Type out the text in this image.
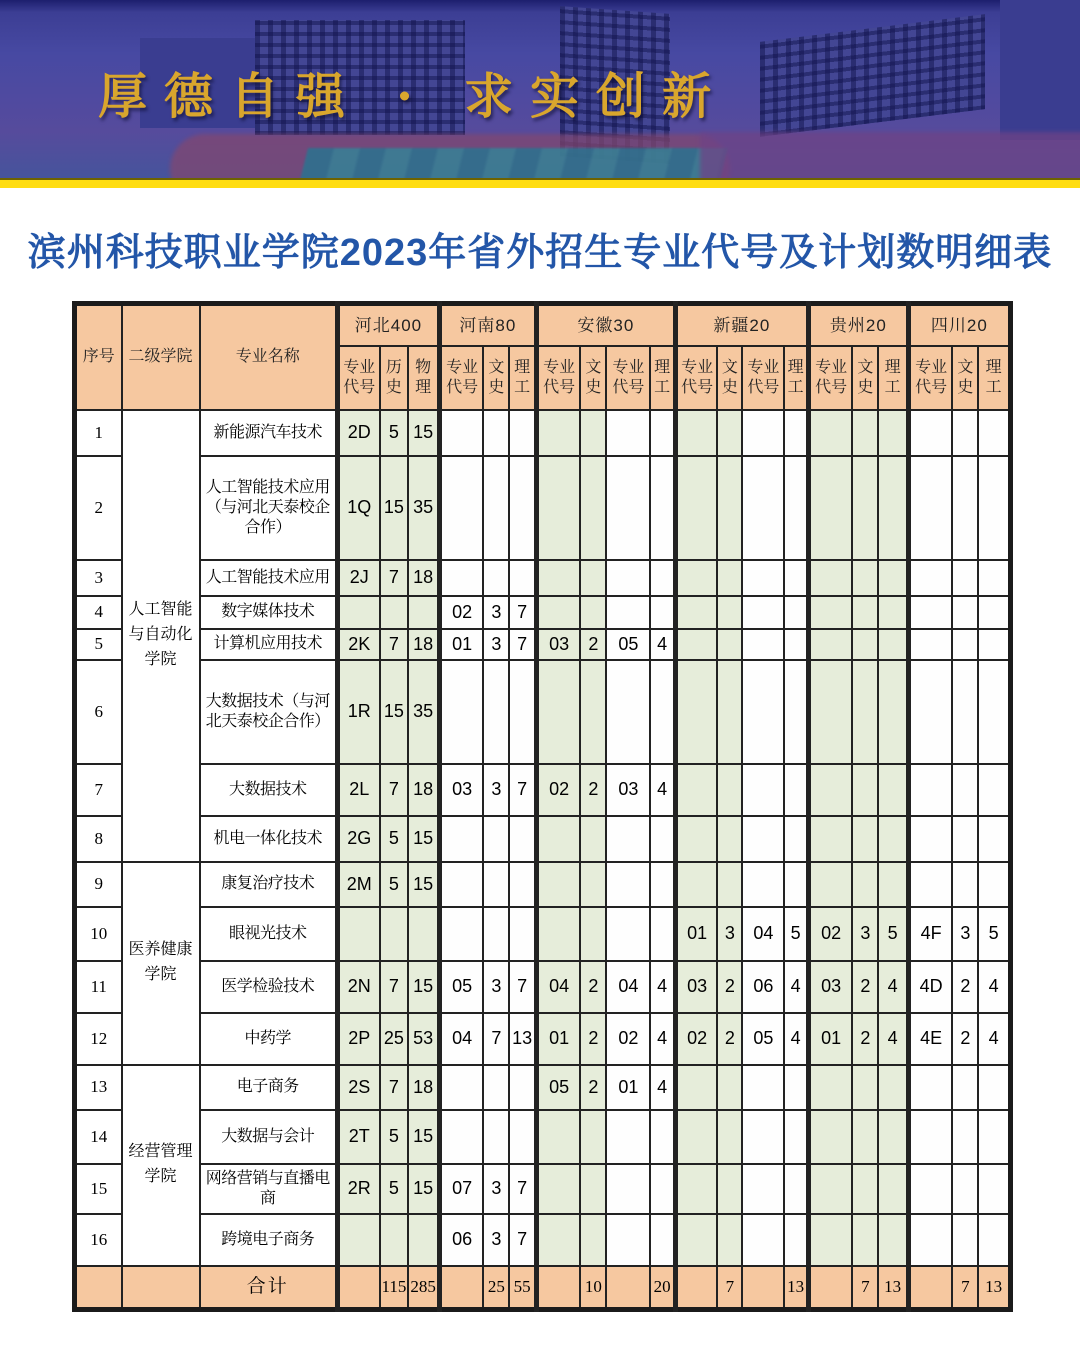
厚德自强 · 求实创新
滨州科技职业学院2023年省外招生专业代号及计划数明细表
序号	二级学院	专业名称	河北400			河南80			安徽30				新疆20				贵州20			四川20		
			专业代号	历史	物理	专业代号	文史	理工	专业代号	文史	专业代号	理工	专业代号	文史	专业代号	理工	专业代号	文史	理工	专业代号	文史	理工
1	人工智能与自动化学院	新能源汽车技术	2D	5	15																	
2		人工智能技术应用（与河北天泰校企合作）	1Q	15	35																	
3		人工智能技术应用	2J	7	18																	
4		数字媒体技术				02	3	7														
5		计算机应用技术	2K	7	18	01	3	7	03	2	05	4										
6		大数据技术（与河北天泰校企合作）	1R	15	35																	
7		大数据技术	2L	7	18	03	3	7	02	2	03	4										
8		机电一体化技术	2G	5	15																	
9	医养健康学院	康复治疗技术	2M	5	15																	
10		眼视光技术											01	3	04	5	02	3	5	4F	3	5
11		医学检验技术	2N	7	15	05	3	7	04	2	04	4	03	2	06	4	03	2	4	4D	2	4
12		中药学	2P	25	53	04	7	13	01	2	02	4	02	2	05	4	01	2	4	4E	2	4
13	经营管理学院	电子商务	2S	7	18				05	2	01	4										
14		大数据与会计	2T	5	15																	
15		网络营销与直播电商	2R	5	15	07	3	7														
16		跨境电子商务				06	3	7														
		合计		115	285		25	55		10		20		7		13		7	13		7	13
